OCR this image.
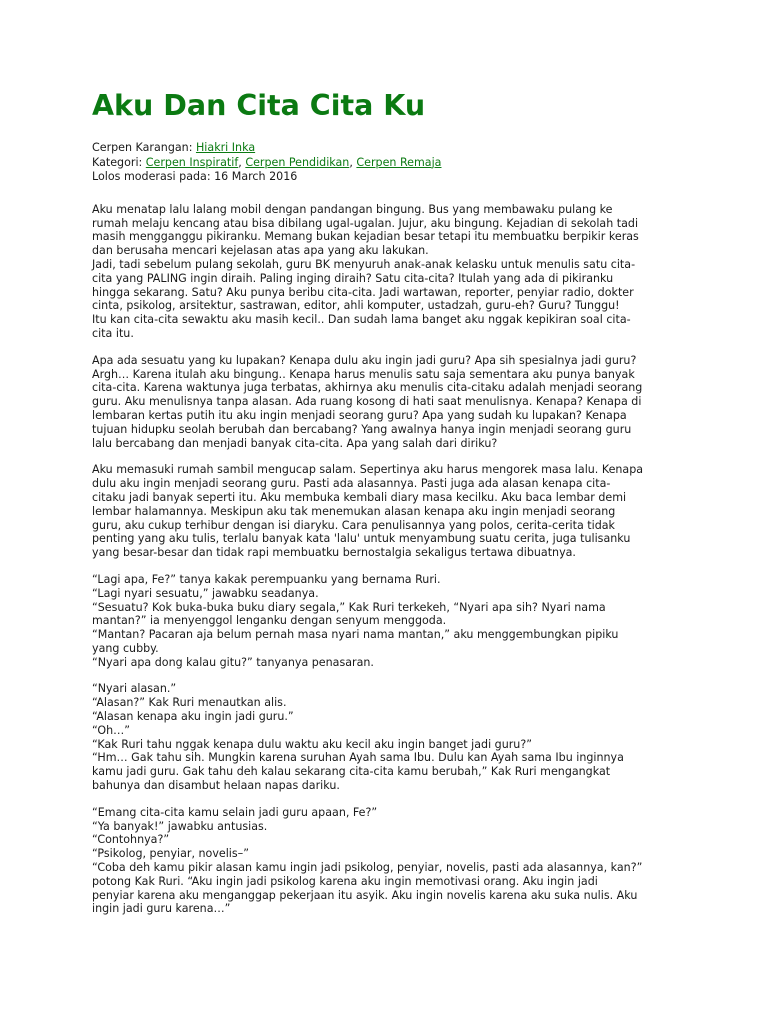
Aku Dan Cita Cita Ku
Cerpen Karangan: Hiakri Inka
Kategori: Cerpen Inspiratif, Cerpen Pendidikan, Cerpen Remaja
Lolos moderasi pada: 16 March 2016

Aku menatap lalu lalang mobil dengan pandangan bingung. Bus yang membawaku pulang ke
rumah melaju kencang atau bisa dibilang ugal-ugalan. Jujur, aku bingung. Kejadian di sekolah tadi
masih mengganggu pikiranku. Memang bukan kejadian besar tetapi itu membuatku berpikir keras
dan berusaha mencari kejelasan atas apa yang aku lakukan.
Jadi, tadi sebelum pulang sekolah, guru BK menyuruh anak-anak kelasku untuk menulis satu cita-
cita yang PALING ingin diraih. Paling inging diraih? Satu cita-cita? Itulah yang ada di pikiranku
hingga sekarang. Satu? Aku punya beribu cita-cita. Jadi wartawan, reporter, penyiar radio, dokter
cinta, psikolog, arsitektur, sastrawan, editor, ahli komputer, ustadzah, guru-eh? Guru? Tunggu!
Itu kan cita-cita sewaktu aku masih kecil.. Dan sudah lama banget aku nggak kepikiran soal cita-
cita itu.

Apa ada sesuatu yang ku lupakan? Kenapa dulu aku ingin jadi guru? Apa sih spesialnya jadi guru?
Argh… Karena itulah aku bingung.. Kenapa harus menulis satu saja sementara aku punya banyak
cita-cita. Karena waktunya juga terbatas, akhirnya aku menulis cita-citaku adalah menjadi seorang
guru. Aku menulisnya tanpa alasan. Ada ruang kosong di hati saat menulisnya. Kenapa? Kenapa di
lembaran kertas putih itu aku ingin menjadi seorang guru? Apa yang sudah ku lupakan? Kenapa
tujuan hidupku seolah berubah dan bercabang? Yang awalnya hanya ingin menjadi seorang guru
lalu bercabang dan menjadi banyak cita-cita. Apa yang salah dari diriku?

Aku memasuki rumah sambil mengucap salam. Sepertinya aku harus mengorek masa lalu. Kenapa
dulu aku ingin menjadi seorang guru. Pasti ada alasannya. Pasti juga ada alasan kenapa cita-
citaku jadi banyak seperti itu. Aku membuka kembali diary masa kecilku. Aku baca lembar demi
lembar halamannya. Meskipun aku tak menemukan alasan kenapa aku ingin menjadi seorang
guru, aku cukup terhibur dengan isi diaryku. Cara penulisannya yang polos, cerita-cerita tidak
penting yang aku tulis, terlalu banyak kata 'lalu' untuk menyambung suatu cerita, juga tulisanku
yang besar-besar dan tidak rapi membuatku bernostalgia sekaligus tertawa dibuatnya.

“Lagi apa, Fe?” tanya kakak perempuanku yang bernama Ruri.
“Lagi nyari sesuatu,” jawabku seadanya.
“Sesuatu? Kok buka-buka buku diary segala,” Kak Ruri terkekeh, “Nyari apa sih? Nyari nama
mantan?” ia menyenggol lenganku dengan senyum menggoda.
“Mantan? Pacaran aja belum pernah masa nyari nama mantan,” aku menggembungkan pipiku
yang cubby.
“Nyari apa dong kalau gitu?” tanyanya penasaran.

“Nyari alasan.”
“Alasan?” Kak Ruri menautkan alis.
“Alasan kenapa aku ingin jadi guru.”
“Oh…”
“Kak Ruri tahu nggak kenapa dulu waktu aku kecil aku ingin banget jadi guru?”
“Hm… Gak tahu sih. Mungkin karena suruhan Ayah sama Ibu. Dulu kan Ayah sama Ibu inginnya
kamu jadi guru. Gak tahu deh kalau sekarang cita-cita kamu berubah,” Kak Ruri mengangkat
bahunya dan disambut helaan napas dariku.

“Emang cita-cita kamu selain jadi guru apaan, Fe?”
“Ya banyak!” jawabku antusias.
“Contohnya?”
“Psikolog, penyiar, novelis–”
“Coba deh kamu pikir alasan kamu ingin jadi psikolog, penyiar, novelis, pasti ada alasannya, kan?”
potong Kak Ruri. “Aku ingin jadi psikolog karena aku ingin memotivasi orang. Aku ingin jadi
penyiar karena aku menganggap pekerjaan itu asyik. Aku ingin novelis karena aku suka nulis. Aku
ingin jadi guru karena…”
